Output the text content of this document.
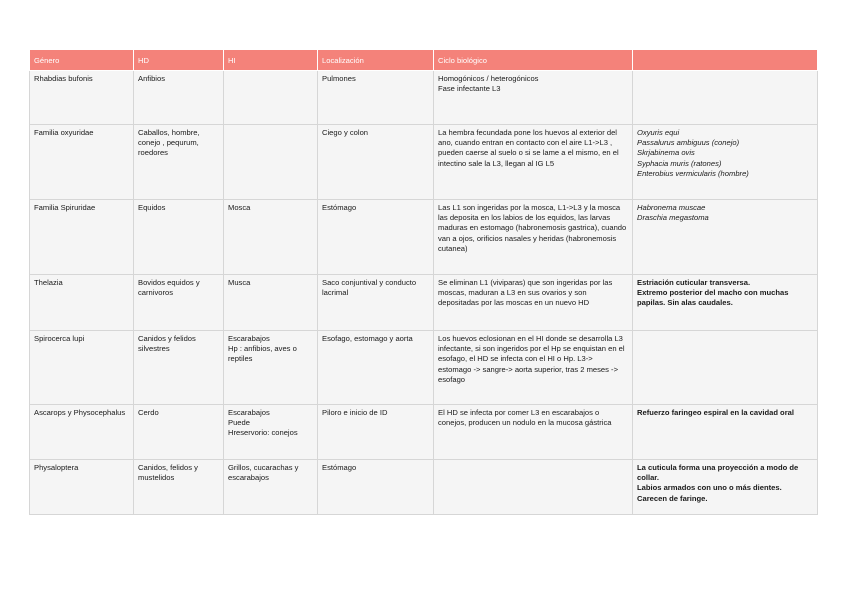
Género	HD	HI	Localización	Ciclo biológico	
Rhabdias bufonis	Anfibios		Pulmones	Homogónicos / heterogónicos
Fase infectante L3	

Familia oxyuridae	Caballos, hombre, conejo , pequrum, roedores		Ciego y colon	La hembra fecundada pone los huevos al exterior del ano, cuando entran en contacto con el aire L1->L3 , pueden caerse al suelo o si se lame a el mismo, en el intectino sale la L3, llegan al IG L5	Oxyuris equi
Passalurus ambiguus (conejo)
Skrjabinema ovis
Syphacia muris (ratones)
Enterobius vermicularis (hombre)

Familia Spiruridae	Equidos	Mosca	Estómago	Las L1 son ingeridas por la mosca, L1->L3 y la mosca las deposita en los labios de los equidos, las larvas maduras en estomago (habronemosis gastrica), cuando van a ojos, orificios nasales y heridas (habronemosis cutanea)	Habronema muscae
Draschia megastoma

Thelazia	Bovidos equidos y carnivoros	Musca	Saco conjuntival y conducto lacrimal	Se eliminan L1 (viviparas) que son ingeridas por las moscas, maduran a L3 en sus ovarios y son depositadas por las moscas en un nuevo HD	Estriación cuticular transversa.
Extremo posterior del macho con muchas papilas. Sin alas caudales.

Spirocerca lupi	Canidos y felidos silvestres	Escarabajos
Hp : anfibios, aves o reptiles	Esofago, estomago y aorta	Los huevos eclosionan en el HI donde se desarrolla L3 infectante, si son ingeridos por el Hp se enquistan en el esofago, el HD se infecta con el HI o Hp. L3-> estomago -> sangre-> aorta superior, tras 2 meses -> esofago	
Ascarops y Physocephalus	Cerdo	Escarabajos
Puede
Hreservorio: conejos	Piloro e inicio de ID	El HD se infecta por comer L3 en escarabajos o conejos, producen un nodulo en la mucosa gástrica	Refuerzo faringeo espiral en la cavidad oral
Physaloptera	Canidos, felidos y mustelidos	Grillos, cucarachas y escarabajos	Estómago		La cuticula forma una proyección a modo de collar.
Labios armados con uno o más dientes.
Carecen de faringe.
